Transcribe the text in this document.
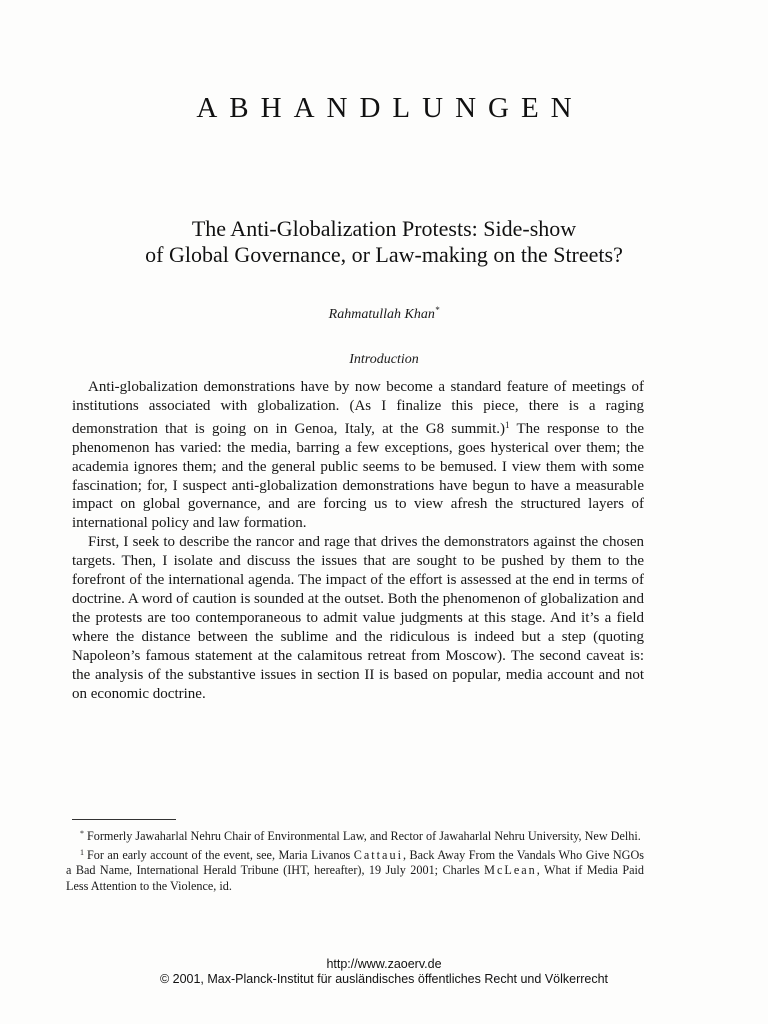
ABHANDLUNGEN
The Anti-Globalization Protests: Side-show
of Global Governance, or Law-making on the Streets?
Rahmatullah Khan*
Introduction

Anti-globalization demonstrations have by now become a standard feature of meetings of institutions associated with globalization. (As I finalize this piece, there is a raging demonstration that is going on in Genoa, Italy, at the G8 summit.)$^1$ The response to the phenomenon has varied: the media, barring a few exceptions, goes hysterical over them; the academia ignores them; and the general public seems to be bemused. I view them with some fascination; for, I suspect anti-globalization demonstrations have begun to have a measurable impact on global governance, and are forcing us to view afresh the structured layers of international policy and law formation.

First, I seek to describe the rancor and rage that drives the demonstrators against the chosen targets. Then, I isolate and discuss the issues that are sought to be pushed by them to the forefront of the international agenda. The impact of the effort is assessed at the end in terms of doctrine. A word of caution is sounded at the outset. Both the phenomenon of globalization and the protests are too contemporaneous to admit value judgments at this stage. And it’s a field where the distance between the sublime and the ridiculous is indeed but a step (quoting Napoleon’s famous statement at the calamitous retreat from Moscow). The second caveat is: the analysis of the substantive issues in section II is based on popular, media account and not on economic doctrine.

* Formerly Jawaharlal Nehru Chair of Environmental Law, and Rector of Jawaharlal Nehru University, New Delhi.

$^1$ For an early account of the event, see, Maria Livanos Cattaui, Back Away From the Vandals Who Give NGOs a Bad Name, International Herald Tribune (IHT, hereafter), 19 July 2001; Charles McLean, What if Media Paid Less Attention to the Violence, id.

http://www.zaoerv.de
© 2001, Max-Planck-Institut für ausländisches öffentliches Recht und Völkerrecht
